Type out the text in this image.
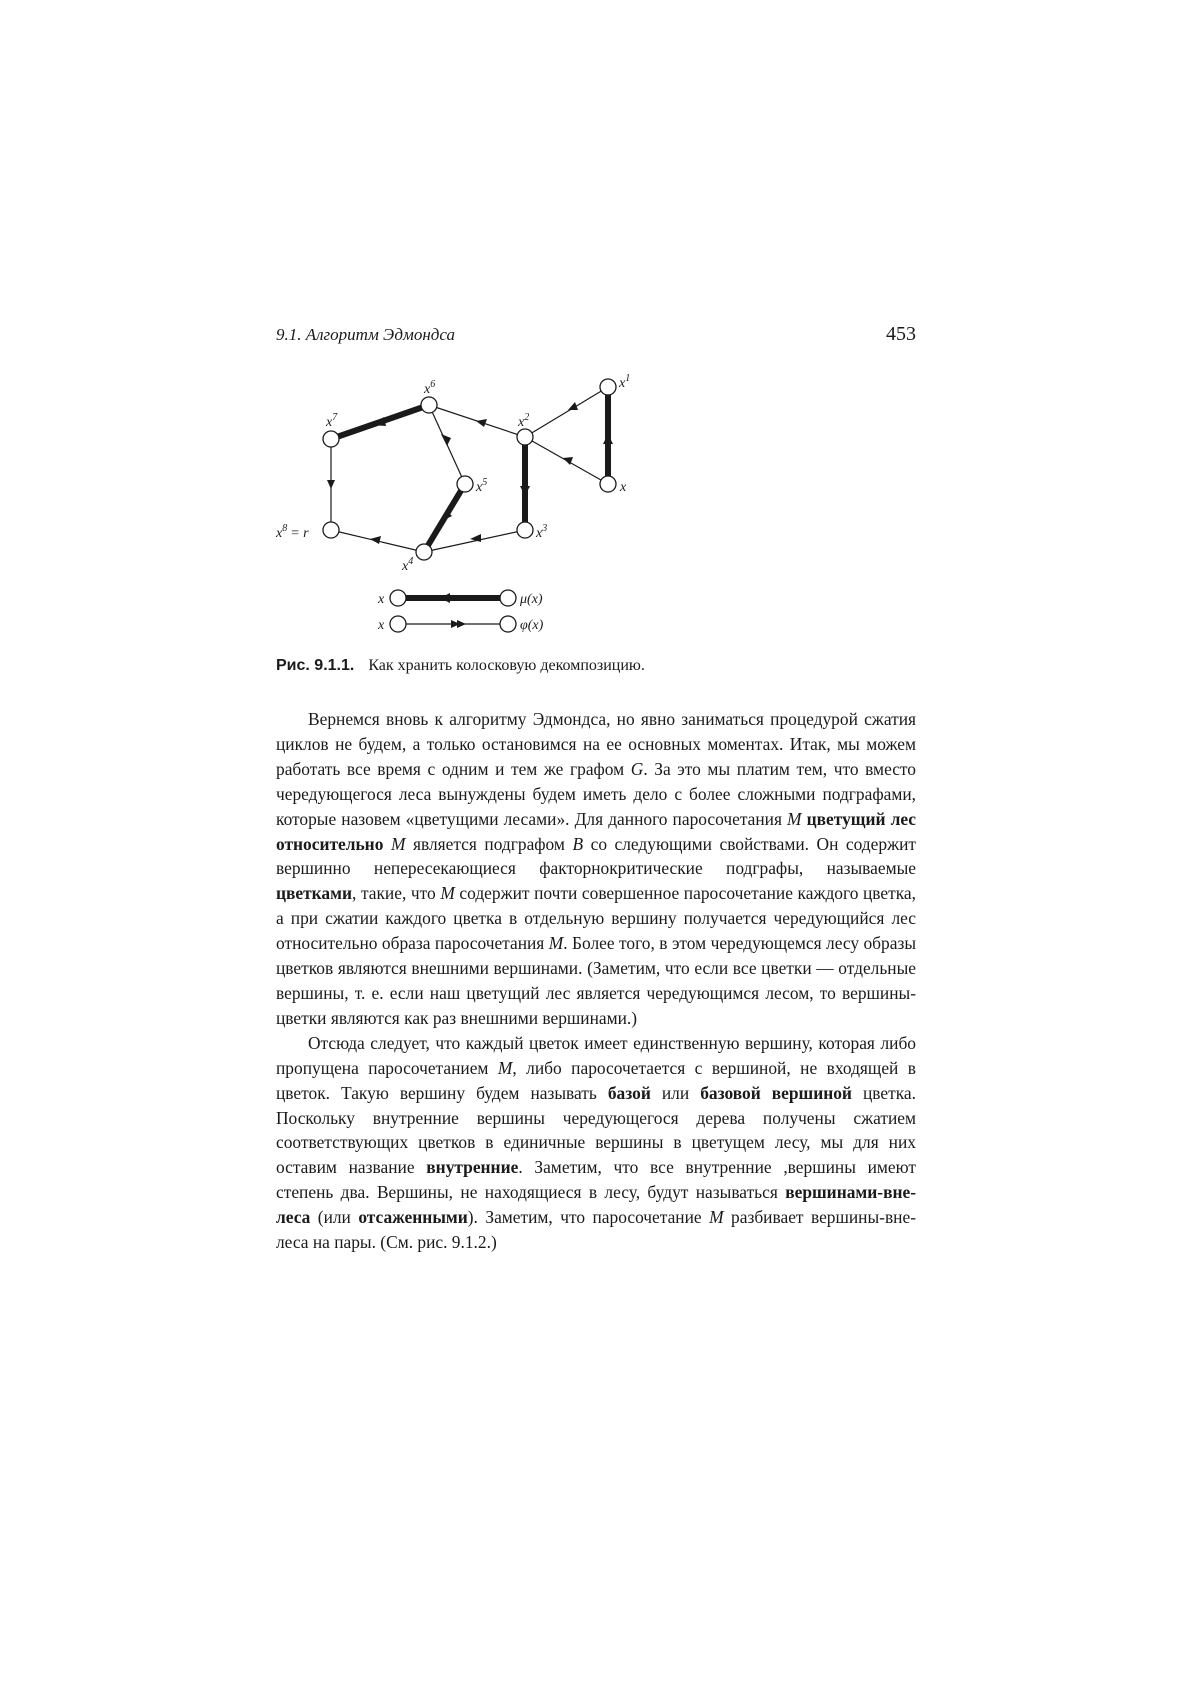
9.1. Алгоритм Эдмондса	453
$x^1$
$x^2$
$x^3$
$x^4$
$x^5$
$x^6$
$x^7$
$x^8 = r$
x
x	μ(x)
x	φ(x)
Рис. 9.1.1. Как хранить колосковую декомпозицию.

Вернемся вновь к алгоритму Эдмондса, но явно заниматься процедурой сжатия циклов не будем, а только остановимся на ее основных моментах. Итак, мы можем работать все время с одним и тем же графом G. За это мы платим тем, что вместо чередующегося леса вынуждены будем иметь дело с более сложными подграфами, которые назовем «цветущими лесами». Для данного паросочетания M цветущий лес относительно M является подграфом B со следующими свойствами. Он содержит вершинно непересекающиеся факторнокритические подграфы, называемые цветками, такие, что M содержит почти совершенное паросочетание каждого цветка, а при сжатии каждого цветка в отдельную вершину получается чередующийся лес относительно образа паросочетания M. Более того, в этом чередующемся лесу образы цветков являются внешними вершинами. (Заметим, что если все цветки — отдельные вершины, т. е. если наш цветущий лес является чередующимся лесом, то вершины-цветки являются как раз внешними вершинами.)

Отсюда следует, что каждый цветок имеет единственную вершину, которая либо пропущена паросочетанием M, либо паросочетается с вершиной, не входящей в цветок. Такую вершину будем называть базой или базовой вершиной цветка. Поскольку внутренние вершины чередующегося дерева получены сжатием соответствующих цветков в единичные вершины в цветущем лесу, мы для них оставим название внутренние. Заметим, что все внутренние ,вершины имеют степень два. Вершины, не находящиеся в лесу, будут называться вершинами-вне-леса (или отсаженными). Заметим, что паросочетание M разбивает вершины-вне-леса на пары. (См. рис. 9.1.2.)
